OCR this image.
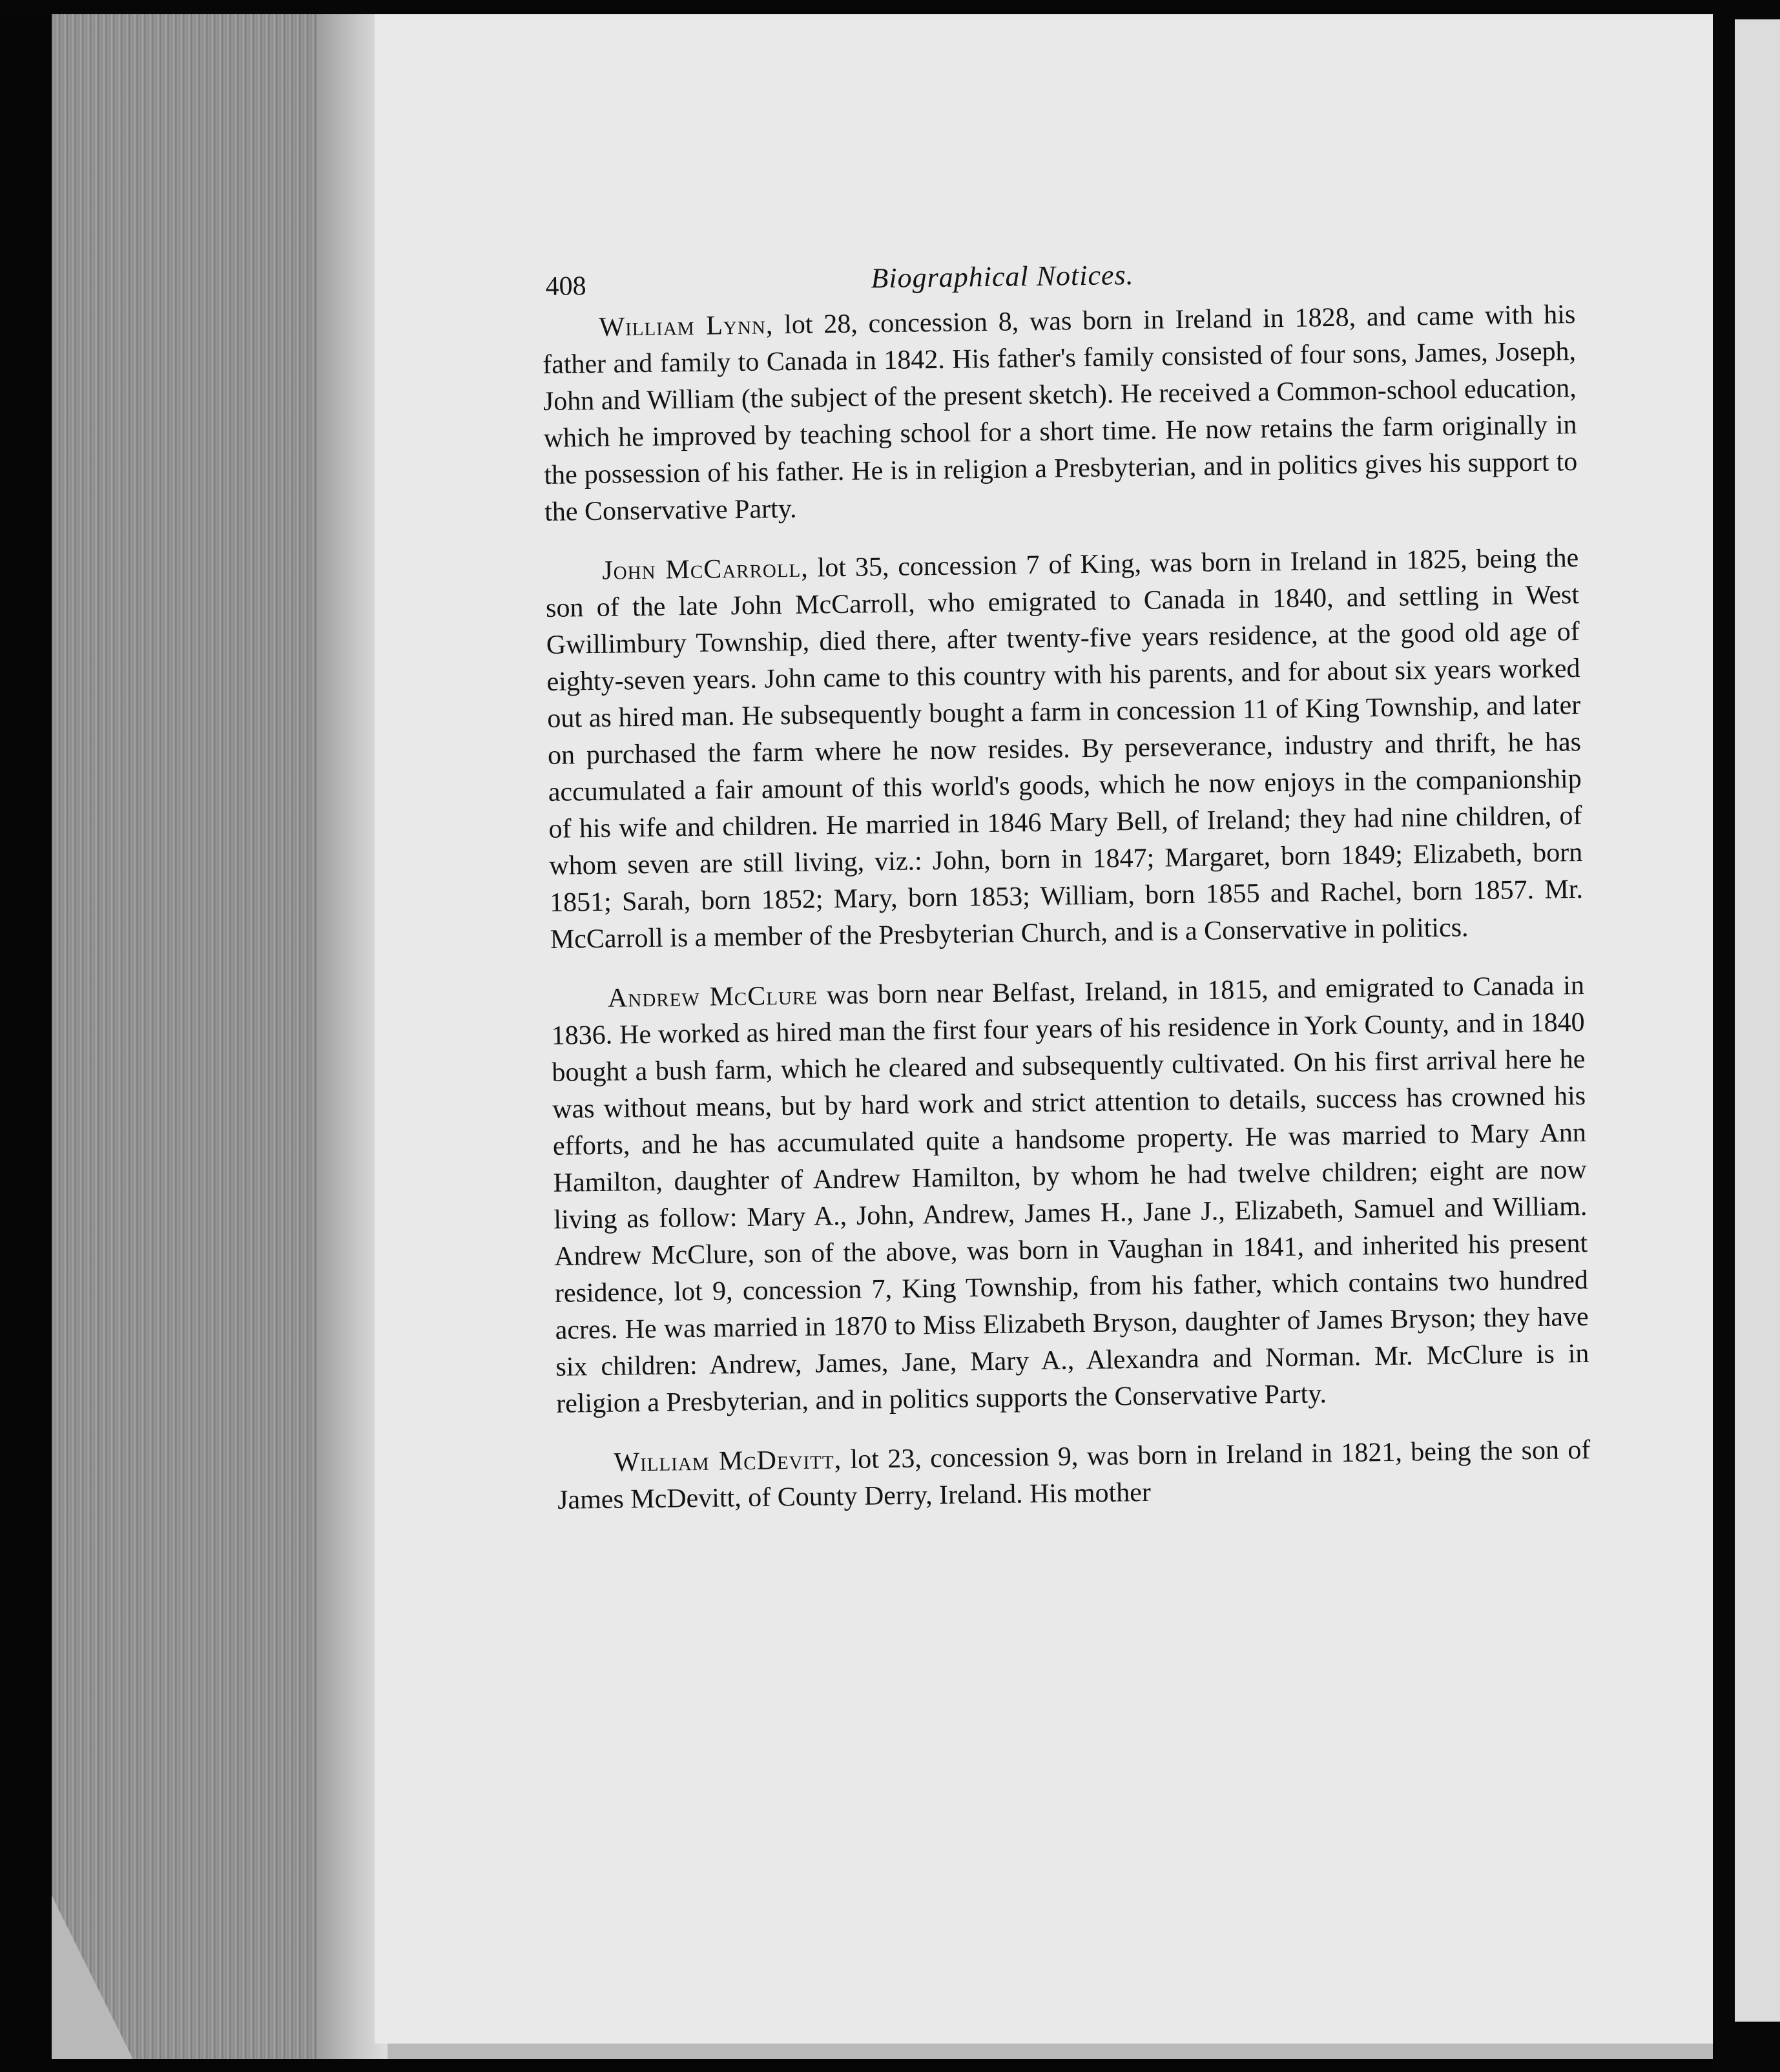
408	Biographical Notices.

William Lynn, lot 28, concession 8, was born in Ireland in 1828, and came with his father and family to Canada in 1842. His father's family consisted of four sons, James, Joseph, John and William (the subject of the present sketch). He received a Common-school education, which he improved by teaching school for a short time. He now retains the farm originally in the possession of his father. He is in religion a Presbyterian, and in politics gives his support to the Conservative Party.

John McCarroll, lot 35, concession 7 of King, was born in Ireland in 1825, being the son of the late John McCarroll, who emigrated to Canada in 1840, and settling in West Gwillimbury Township, died there, after twenty-five years residence, at the good old age of eighty-seven years. John came to this country with his parents, and for about six years worked out as hired man. He subsequently bought a farm in concession 11 of King Township, and later on purchased the farm where he now resides. By perseverance, industry and thrift, he has accumulated a fair amount of this world's goods, which he now enjoys in the companionship of his wife and children. He married in 1846 Mary Bell, of Ireland; they had nine children, of whom seven are still living, viz.: John, born in 1847; Margaret, born 1849; Elizabeth, born 1851; Sarah, born 1852; Mary, born 1853; William, born 1855 and Rachel, born 1857. Mr. McCarroll is a member of the Presbyterian Church, and is a Conservative in politics.

Andrew McClure was born near Belfast, Ireland, in 1815, and emigrated to Canada in 1836. He worked as hired man the first four years of his residence in York County, and in 1840 bought a bush farm, which he cleared and subsequently cultivated. On his first arrival here he was without means, but by hard work and strict attention to details, success has crowned his efforts, and he has accumulated quite a handsome property. He was married to Mary Ann Hamilton, daughter of Andrew Hamilton, by whom he had twelve children; eight are now living as follow: Mary A., John, Andrew, James H., Jane J., Elizabeth, Samuel and William. Andrew McClure, son of the above, was born in Vaughan in 1841, and inherited his present residence, lot 9, concession 7, King Township, from his father, which contains two hundred acres. He was married in 1870 to Miss Elizabeth Bryson, daughter of James Bryson; they have six children: Andrew, James, Jane, Mary A., Alexandra and Norman. Mr. McClure is in religion a Presbyterian, and in politics supports the Conservative Party.

William McDevitt, lot 23, concession 9, was born in Ireland in 1821, being the son of James McDevitt, of County Derry, Ireland. His mother
